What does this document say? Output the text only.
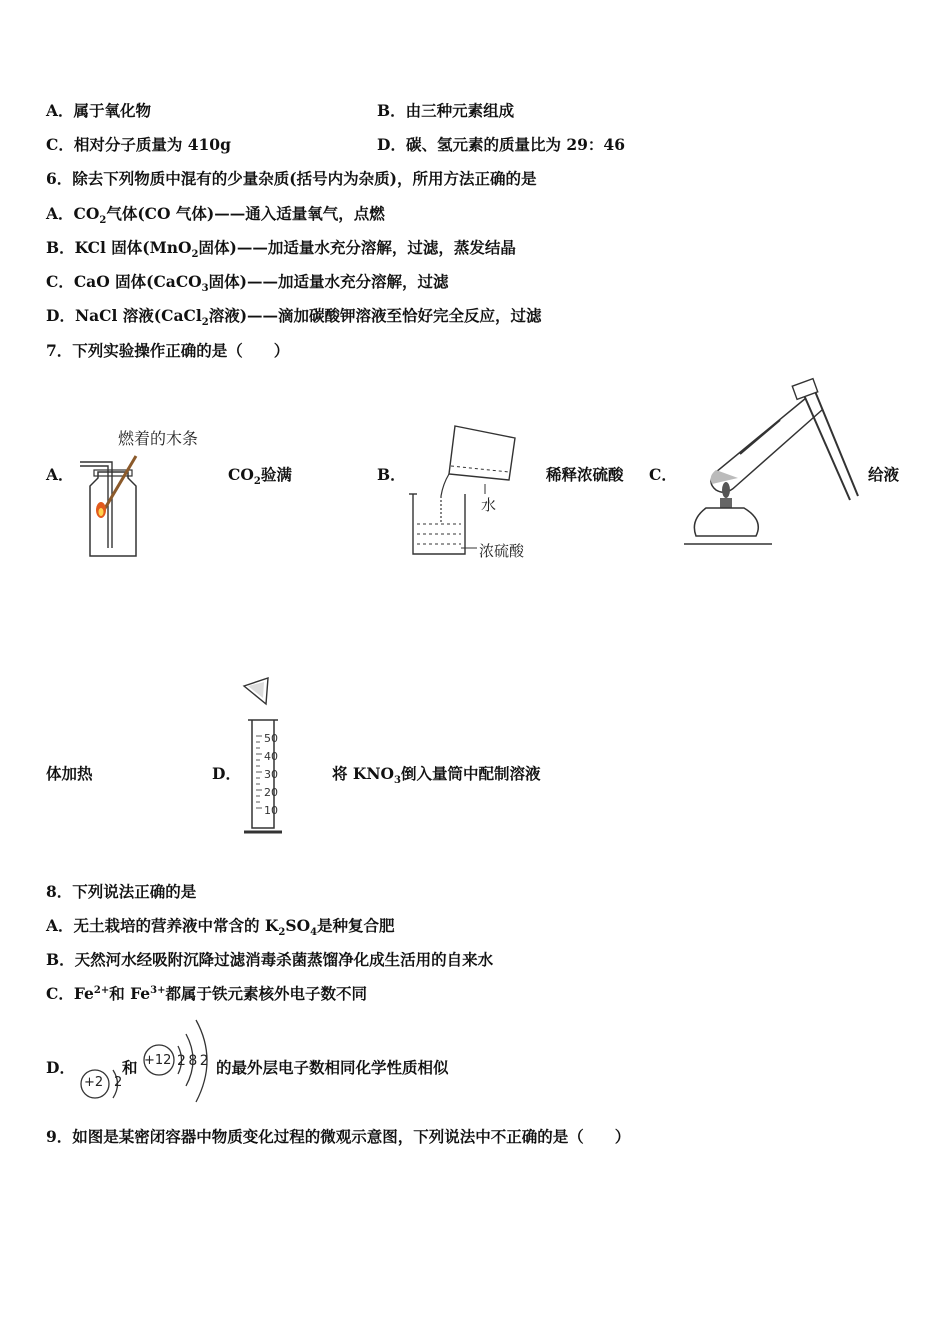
A．属于氧化物	B．由三种元素组成
C．相对分子质量为 410g	D．碳、氢元素的质量比为 29：46
6．除去下列物质中混有的少量杂质(括号内为杂质)，所用方法正确的是
A．$CO_2$气体(CO 气体)——通入适量氧气，点燃
B．KCl 固体(MnO$_2$固体)——加适量水充分溶解，过滤，蒸发结晶
C．CaO 固体(CaCO$_3$固体)——加适量水充分溶解，过滤
D．NaCl 溶液(CaCl$_2$溶液)——滴加碳酸钾溶液至恰好完全反应，过滤
7．下列实验操作正确的是（　　）
A．
燃着的木条
$CO_2$验满	B．
水
浓硫酸
稀释浓硫酸 C．	给液
体加热	D．
50
40
30
20
10
将 $KNO_3$倒入量筒中配制溶液
8．下列说法正确的是
A．无土栽培的营养液中常含的 $K_2SO_4$是种复合肥
B．天然河水经吸附沉降过滤消毒杀菌蒸馏净化成生活用的自来水
C．$Fe^{2+}$和 $Fe^{3+}$都属于铁元素核外电子数不同
D．
+2 2
和 +12 2 8 2 的最外层电子数相同化学性质相似
9．如图是某密闭容器中物质变化过程的微观示意图，下列说法中不正确的是（　　）
